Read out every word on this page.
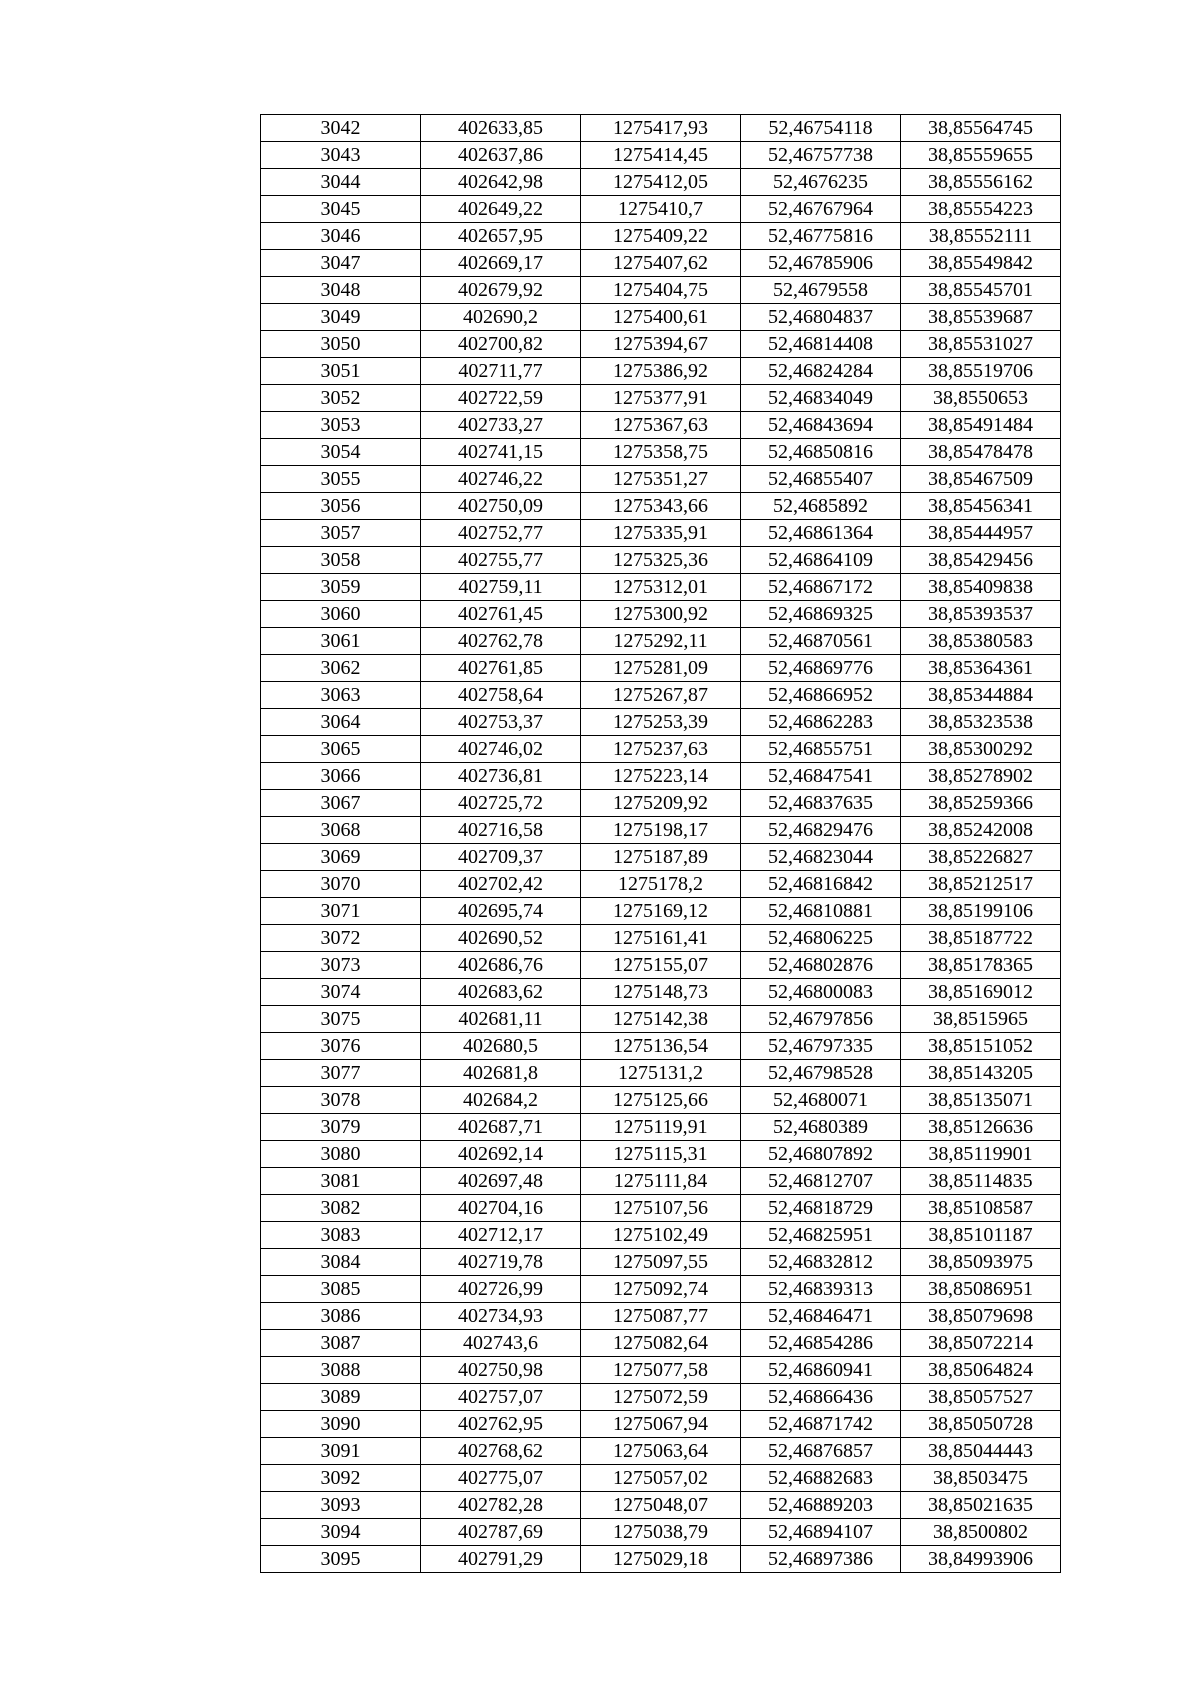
3042	402633,85	1275417,93	52,46754118	38,85564745
3043	402637,86	1275414,45	52,46757738	38,85559655
3044	402642,98	1275412,05	52,4676235	38,85556162
3045	402649,22	1275410,7	52,46767964	38,85554223
3046	402657,95	1275409,22	52,46775816	38,85552111
3047	402669,17	1275407,62	52,46785906	38,85549842
3048	402679,92	1275404,75	52,4679558	38,85545701
3049	402690,2	1275400,61	52,46804837	38,85539687
3050	402700,82	1275394,67	52,46814408	38,85531027
3051	402711,77	1275386,92	52,46824284	38,85519706
3052	402722,59	1275377,91	52,46834049	38,8550653
3053	402733,27	1275367,63	52,46843694	38,85491484
3054	402741,15	1275358,75	52,46850816	38,85478478
3055	402746,22	1275351,27	52,46855407	38,85467509
3056	402750,09	1275343,66	52,4685892	38,85456341
3057	402752,77	1275335,91	52,46861364	38,85444957
3058	402755,77	1275325,36	52,46864109	38,85429456
3059	402759,11	1275312,01	52,46867172	38,85409838
3060	402761,45	1275300,92	52,46869325	38,85393537
3061	402762,78	1275292,11	52,46870561	38,85380583
3062	402761,85	1275281,09	52,46869776	38,85364361
3063	402758,64	1275267,87	52,46866952	38,85344884
3064	402753,37	1275253,39	52,46862283	38,85323538
3065	402746,02	1275237,63	52,46855751	38,85300292
3066	402736,81	1275223,14	52,46847541	38,85278902
3067	402725,72	1275209,92	52,46837635	38,85259366
3068	402716,58	1275198,17	52,46829476	38,85242008
3069	402709,37	1275187,89	52,46823044	38,85226827
3070	402702,42	1275178,2	52,46816842	38,85212517
3071	402695,74	1275169,12	52,46810881	38,85199106
3072	402690,52	1275161,41	52,46806225	38,85187722
3073	402686,76	1275155,07	52,46802876	38,85178365
3074	402683,62	1275148,73	52,46800083	38,85169012
3075	402681,11	1275142,38	52,46797856	38,8515965
3076	402680,5	1275136,54	52,46797335	38,85151052
3077	402681,8	1275131,2	52,46798528	38,85143205
3078	402684,2	1275125,66	52,4680071	38,85135071
3079	402687,71	1275119,91	52,4680389	38,85126636
3080	402692,14	1275115,31	52,46807892	38,85119901
3081	402697,48	1275111,84	52,46812707	38,85114835
3082	402704,16	1275107,56	52,46818729	38,85108587
3083	402712,17	1275102,49	52,46825951	38,85101187
3084	402719,78	1275097,55	52,46832812	38,85093975
3085	402726,99	1275092,74	52,46839313	38,85086951
3086	402734,93	1275087,77	52,46846471	38,85079698
3087	402743,6	1275082,64	52,46854286	38,85072214
3088	402750,98	1275077,58	52,46860941	38,85064824
3089	402757,07	1275072,59	52,46866436	38,85057527
3090	402762,95	1275067,94	52,46871742	38,85050728
3091	402768,62	1275063,64	52,46876857	38,85044443
3092	402775,07	1275057,02	52,46882683	38,8503475
3093	402782,28	1275048,07	52,46889203	38,85021635
3094	402787,69	1275038,79	52,46894107	38,8500802
3095	402791,29	1275029,18	52,46897386	38,84993906
